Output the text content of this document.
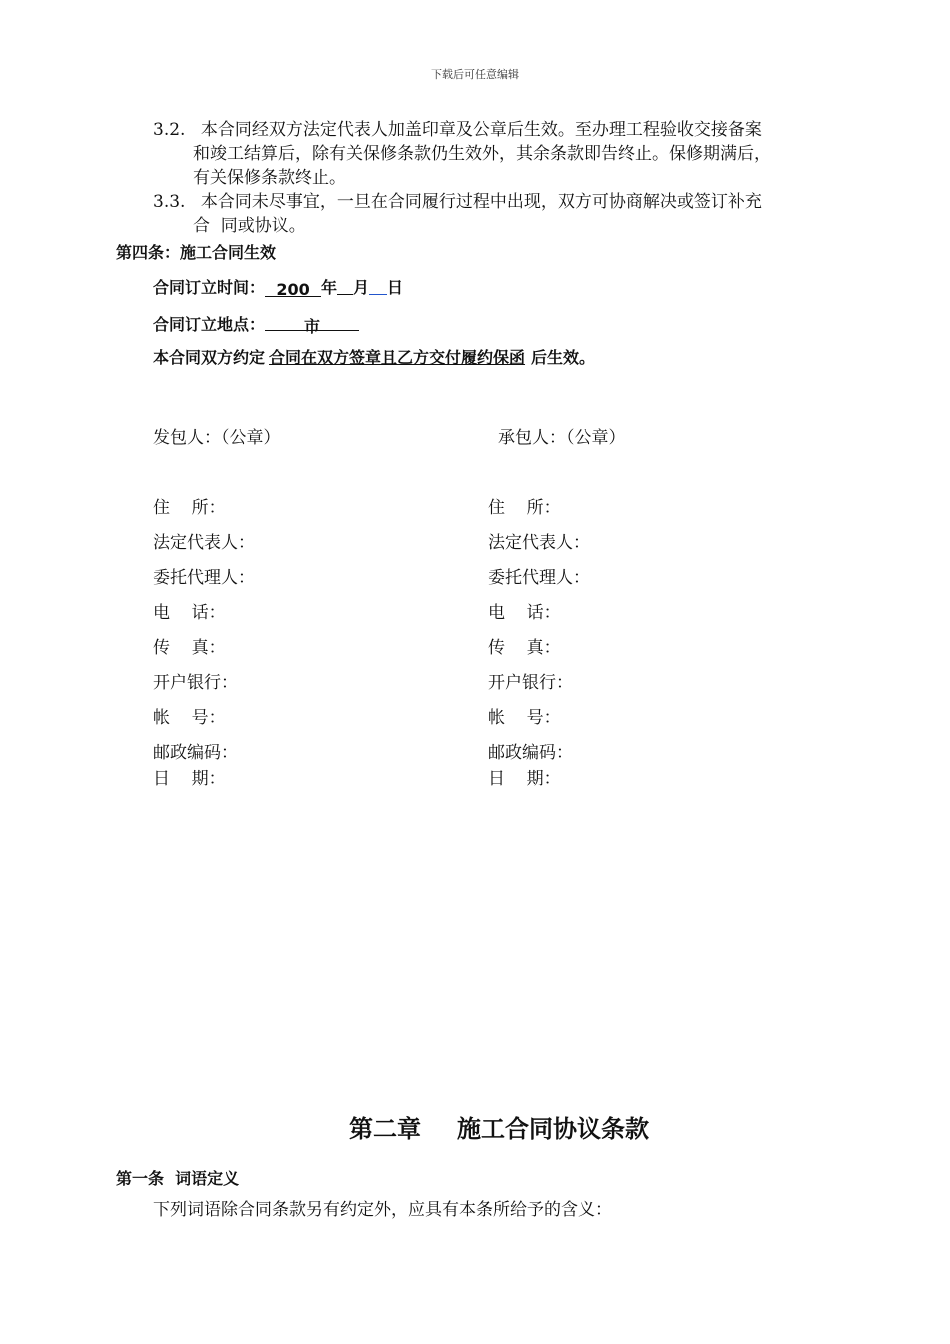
下载后可任意编辑
3.2. 本合同经双方法定代表人加盖印章及公章后生效。至办理工程验收交接备案
和竣工结算后，除有关保修条款仍生效外，其余条款即告终止。保修期满后，
有关保修条款终止。
3.3. 本合同未尽事宜，一旦在合同履行过程中出现，双方可协商解决或签订补充
合  同或协议。
第四条：施工合同生效
合同订立时间： 200 年 月 日
合同订立地点： 市
本合同双方约定 合同在双方签章且乙方交付履约保函 后生效。
发包人：（公章）	承包人：（公章）
住    所：
法定代表人：
委托代理人：
电    话：
传    真：
开户银行：
帐    号：
邮政编码：
日    期：
住    所：
法定代表人：
委托代理人：
电    话：
传    真：
开户银行：
帐    号：
邮政编码：
日    期：
第二章 施工合同协议条款
第一条  词语定义
下列词语除合同条款另有约定外，应具有本条所给予的含义：
